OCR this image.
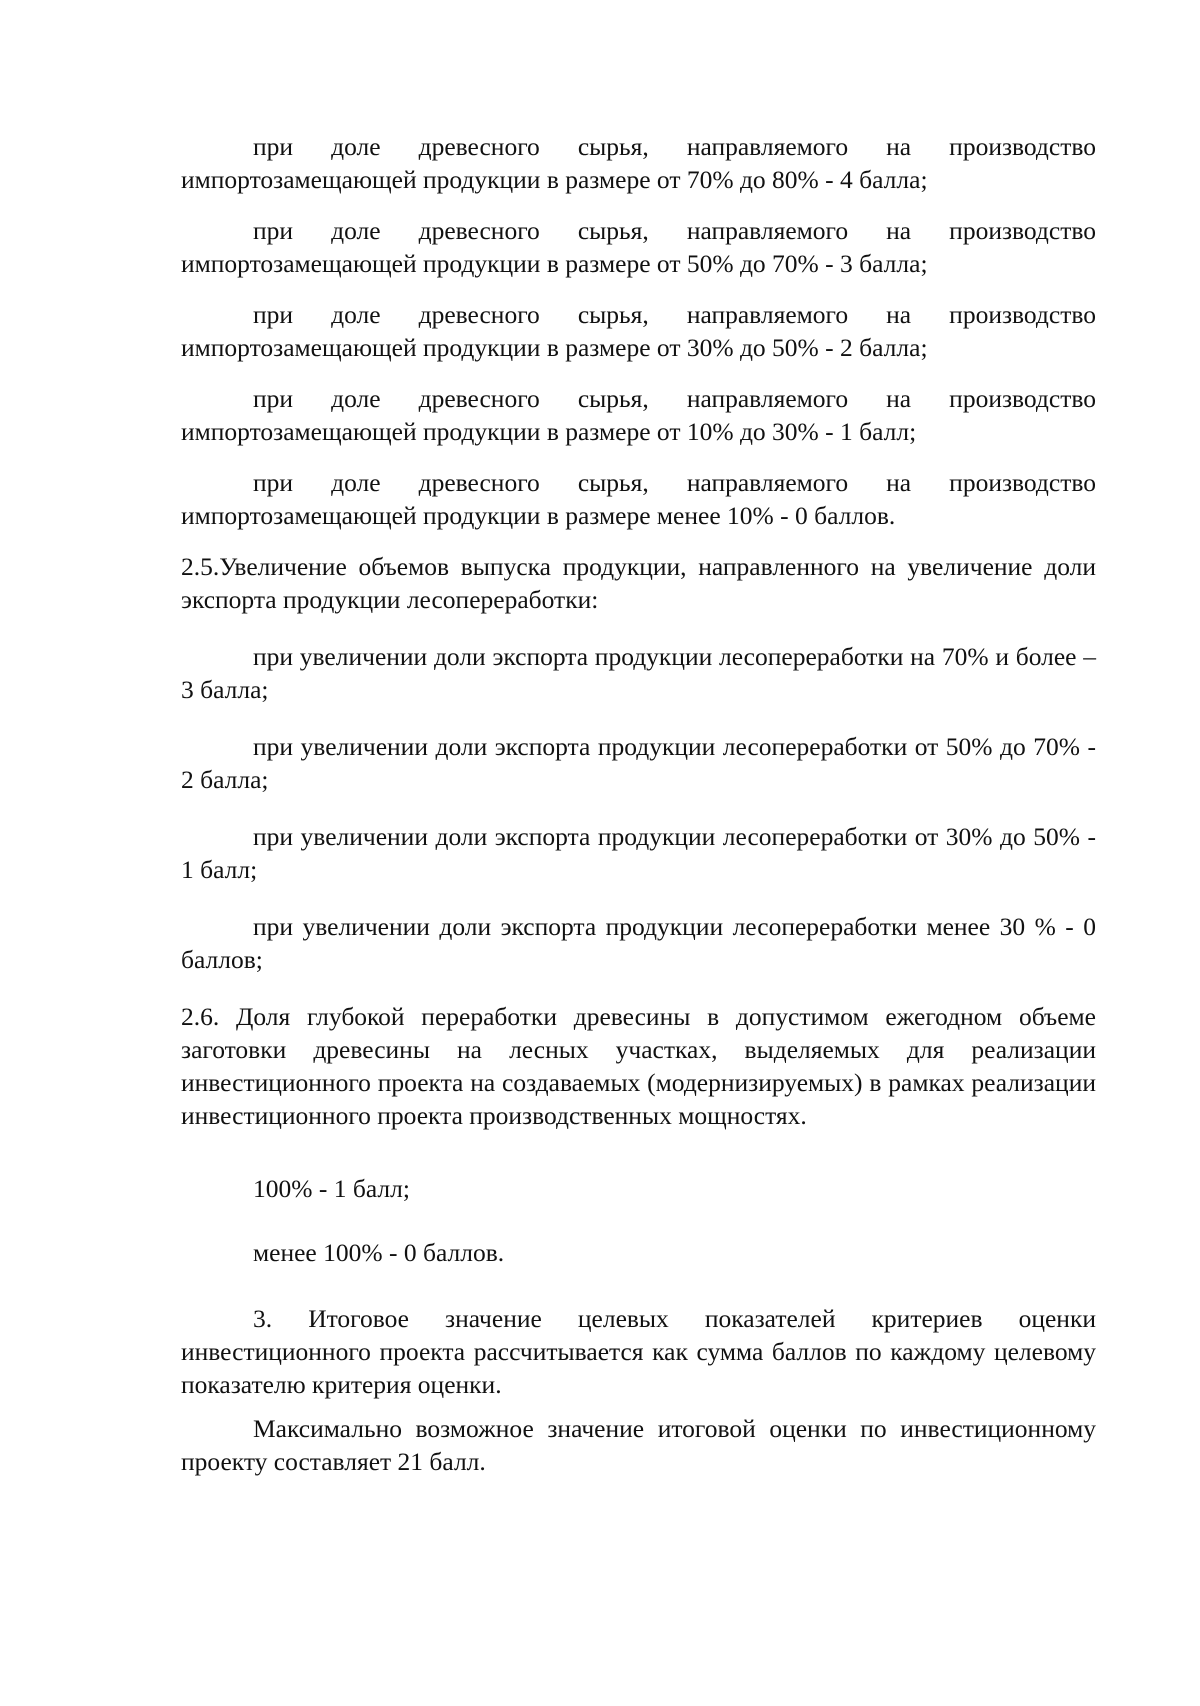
при доле древесного сырья, направляемого на производство импортозамещающей продукции в размере от 70% до 80% - 4 балла;

при доле древесного сырья, направляемого на производство импортозамещающей продукции в размере от 50% до 70% - 3 балла;

при доле древесного сырья, направляемого на производство импортозамещающей продукции в размере от 30% до 50% - 2 балла;

при доле древесного сырья, направляемого на производство импортозамещающей продукции в размере от 10% до 30% - 1 балл;

при доле древесного сырья, направляемого на производство импортозамещающей продукции в размере менее 10% - 0 баллов.

2.5.Увеличение объемов выпуска продукции, направленного на увеличение доли экспорта продукции лесопереработки:

при увеличении доли экспорта продукции лесопереработки на 70% и более – 3 балла;

при увеличении доли экспорта продукции лесопереработки от 50% до 70% - 2 балла;

при увеличении доли экспорта продукции лесопереработки от 30% до 50% - 1 балл;

при увеличении доли экспорта продукции лесопереработки менее 30 % - 0 баллов;

2.6. Доля глубокой переработки древесины в допустимом ежегодном объеме заготовки древесины на лесных участках, выделяемых для реализации инвестиционного проекта на создаваемых (модернизируемых) в рамках реализации инвестиционного проекта производственных мощностях.

100% - 1 балл;

менее 100% - 0 баллов.

3. Итоговое значение целевых показателей критериев оценки инвестиционного проекта рассчитывается как сумма баллов по каждому целевому показателю критерия оценки.

Максимально возможное значение итоговой оценки по инвестиционному проекту составляет 21 балл.
